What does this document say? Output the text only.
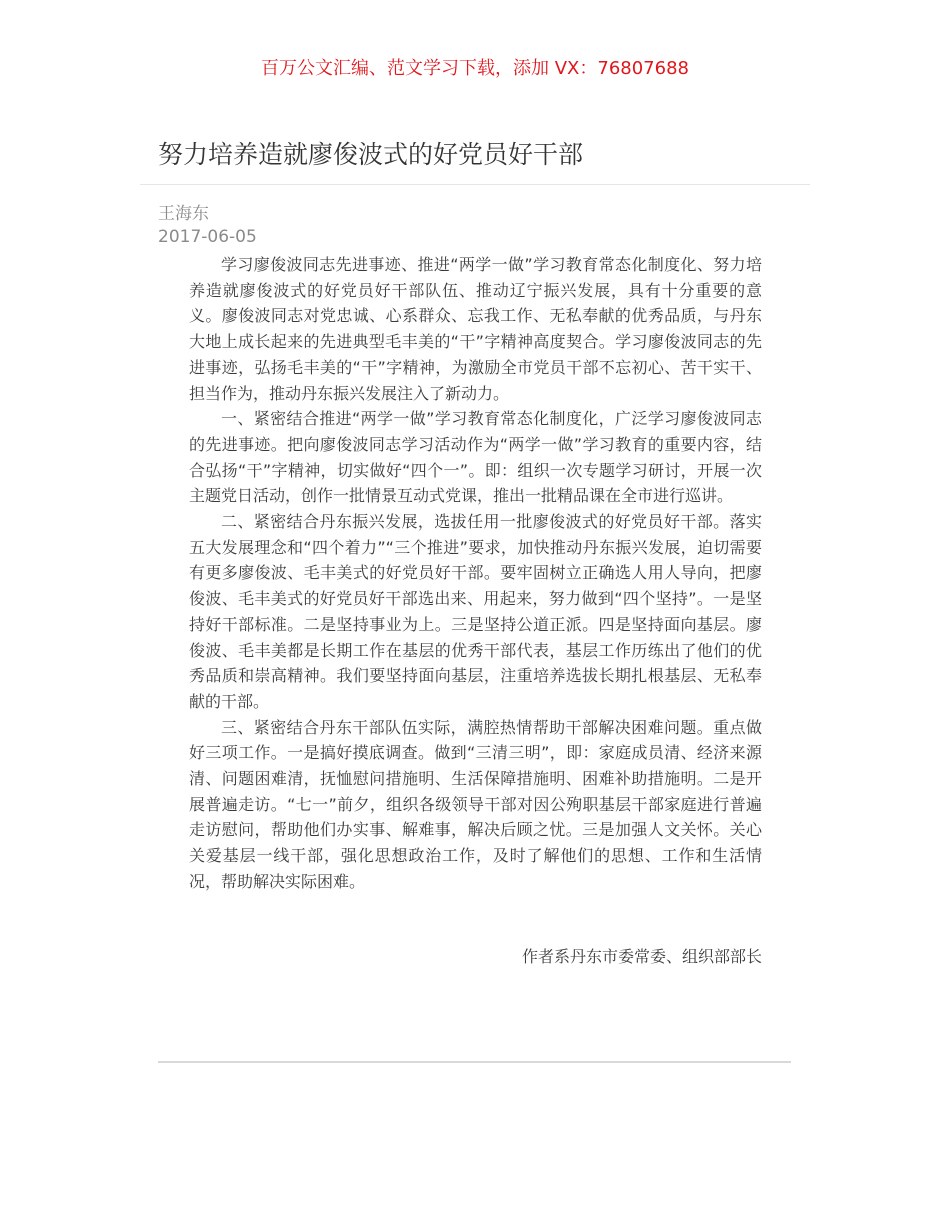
百万公文汇编、范文学习下载，添加 VX：76807688
努力培养造就廖俊波式的好党员好干部
王海东
2017-06-05

学习廖俊波同志先进事迹、推进“两学一做”学习教育常态化制度化、努力培养造就廖俊波式的好党员好干部队伍、推动辽宁振兴发展，具有十分重要的意义。廖俊波同志对党忠诚、心系群众、忘我工作、无私奉献的优秀品质，与丹东大地上成长起来的先进典型毛丰美的“干”字精神高度契合。学习廖俊波同志的先进事迹，弘扬毛丰美的“干”字精神，为激励全市党员干部不忘初心、苦干实干、担当作为，推动丹东振兴发展注入了新动力。

一、紧密结合推进“两学一做”学习教育常态化制度化，广泛学习廖俊波同志的先进事迹。把向廖俊波同志学习活动作为“两学一做”学习教育的重要内容，结合弘扬“干”字精神，切实做好“四个一”。即：组织一次专题学习研讨，开展一次主题党日活动，创作一批情景互动式党课，推出一批精品课在全市进行巡讲。

二、紧密结合丹东振兴发展，选拔任用一批廖俊波式的好党员好干部。落实五大发展理念和“四个着力”“三个推进”要求，加快推动丹东振兴发展，迫切需要有更多廖俊波、毛丰美式的好党员好干部。要牢固树立正确选人用人导向，把廖俊波、毛丰美式的好党员好干部选出来、用起来，努力做到“四个坚持”。一是坚持好干部标准。二是坚持事业为上。三是坚持公道正派。四是坚持面向基层。廖俊波、毛丰美都是长期工作在基层的优秀干部代表，基层工作历练出了他们的优秀品质和崇高精神。我们要坚持面向基层，注重培养选拔长期扎根基层、无私奉献的干部。

三、紧密结合丹东干部队伍实际，满腔热情帮助干部解决困难问题。重点做好三项工作。一是搞好摸底调查。做到“三清三明”，即：家庭成员清、经济来源清、问题困难清，抚恤慰问措施明、生活保障措施明、困难补助措施明。二是开展普遍走访。“七一”前夕，组织各级领导干部对因公殉职基层干部家庭进行普遍走访慰问，帮助他们办实事、解难事，解决后顾之忧。三是加强人文关怀。关心关爱基层一线干部，强化思想政治工作，及时了解他们的思想、工作和生活情况，帮助解决实际困难。

作者系丹东市委常委、组织部部长
